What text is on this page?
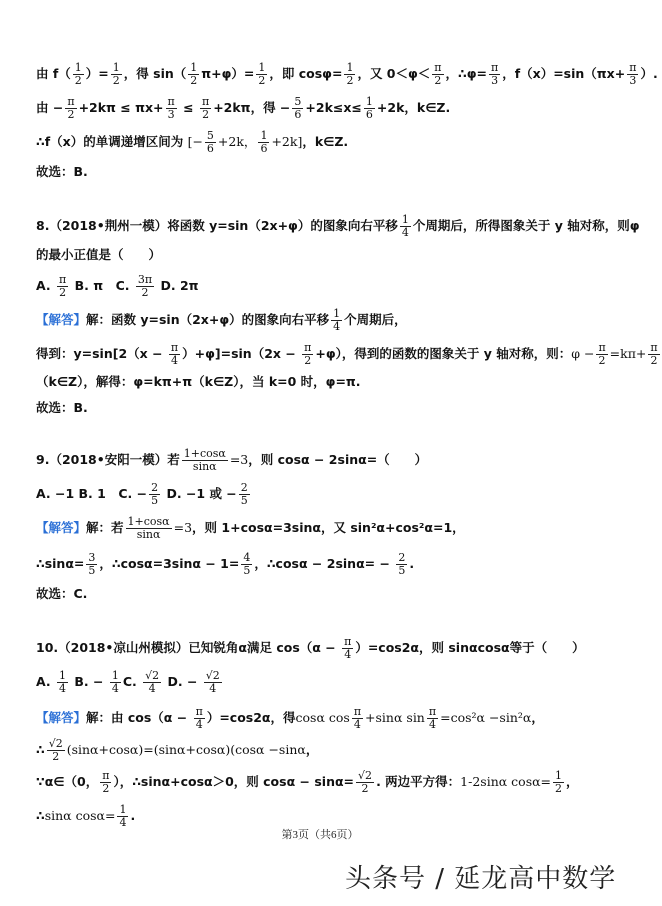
由 $f( \frac{1}{2}$ ）= $\frac{1}{2}$ ，得 $\sin( \frac{1}{2} \pi+\varphi)= \frac{1}{2}$ ，即 $\cos\varphi= \frac{1}{2}$ ，又 $0<\varphi< \frac{\pi}{2}$ ，∴φ= $\frac{\pi}{3}$ ，$f(x)=\sin(\pi x+ \frac{\pi}{3}$ ）.
由 − $\frac{\pi}{2} +2k\pi \le \pi x+ \frac{\pi}{3} \le \frac{\pi}{2} +2k\pi$，得 − $\frac{5}{6} +2k\le x\le \frac{1}{6} +2k$，k∈Z.
∴f（x）的单调递增区间为 [− $\frac{5}{6} +2k$， $\frac{1}{6} +2k$]，k∈Z.
故选：B.
8.（2018•荆州一模）将函数 y=sin（2x+φ）的图象向右平移 $\frac{1}{4}$ 个周期后，所得图象关于 y 轴对称，则φ
的最小正值是（　　）
A. $\frac{\pi}{2} B$. π　C. $\frac{3\pi}{2} D$. 2π
【解答】解：函数 y=sin（2x+φ）的图象向右平移 $\frac{1}{4}$ 个周期后，
得到：$y=\sin[2(x - \frac{\pi}{4} )+\varphi]=\sin(2x - \frac{\pi}{2} +\varphi)$，得到的函数的图象关于 y 轴对称，则：$\varphi - \frac{\pi}{2} =k\pi+ \frac{\pi}{2}$
（k∈Z），解得：φ=kπ+π（k∈Z），当 k=0 时，φ=π.
故选：B.
9.（2018•安阳一模）若 $\frac{1+\cos\alpha}{\sin\alpha} =3$，则 cosα − 2sinα=（　　）
A. −1 B. 1　C. − $\frac{2}{5} D$. −1 或 − $\frac{2}{5}$
【解答】解：若 $\frac{1+\cos\alpha}{\sin\alpha} =3$，则 1+cosα=3sinα，又 sin²α+cos²α=1，
∴sinα= $\frac{3}{5}$ ，∴cosα=3sinα − $1= \frac{4}{5}$ ，∴cosα − $2\sin\alpha= - \frac{2}{5}$ .
故选：C.
10.（2018•凉山州模拟）已知锐角α满足 $\cos(\alpha - \frac{\pi}{4} )=\cos 2\alpha$，则 sinαcosα等于（　　）
A. $\frac{1}{4} B$. − $\frac{1}{4} C$. $\frac{√2}{4} D$. − $\frac{√2}{4}$
【解答】解：由 $\cos(\alpha - \frac{\pi}{4} )=\cos 2\alpha$，得cosα $\cos \frac{\pi}{4} +\sin\alpha$ $\sin \frac{\pi}{4} =\cos^2\alpha -\sin^2\alpha$，
∴ $\frac{√2}{2} (\sin\alpha+\cos\alpha)=(\sin\alpha+\cos\alpha)(\cos\alpha -\sin\alpha$，
∵α∈（0， $\frac{\pi}{2}$ ），∴sinα+cosα＞0，则 $\cos\alpha - \sin\alpha= \frac{√2}{2}$ . 两边平方得：1-2sinα $\cos\alpha= \frac{1}{2}$ ，
∴sinα $\cos\alpha= \frac{1}{4}$ .
第3页（共6页）
头条号 / 延龙高中数学
